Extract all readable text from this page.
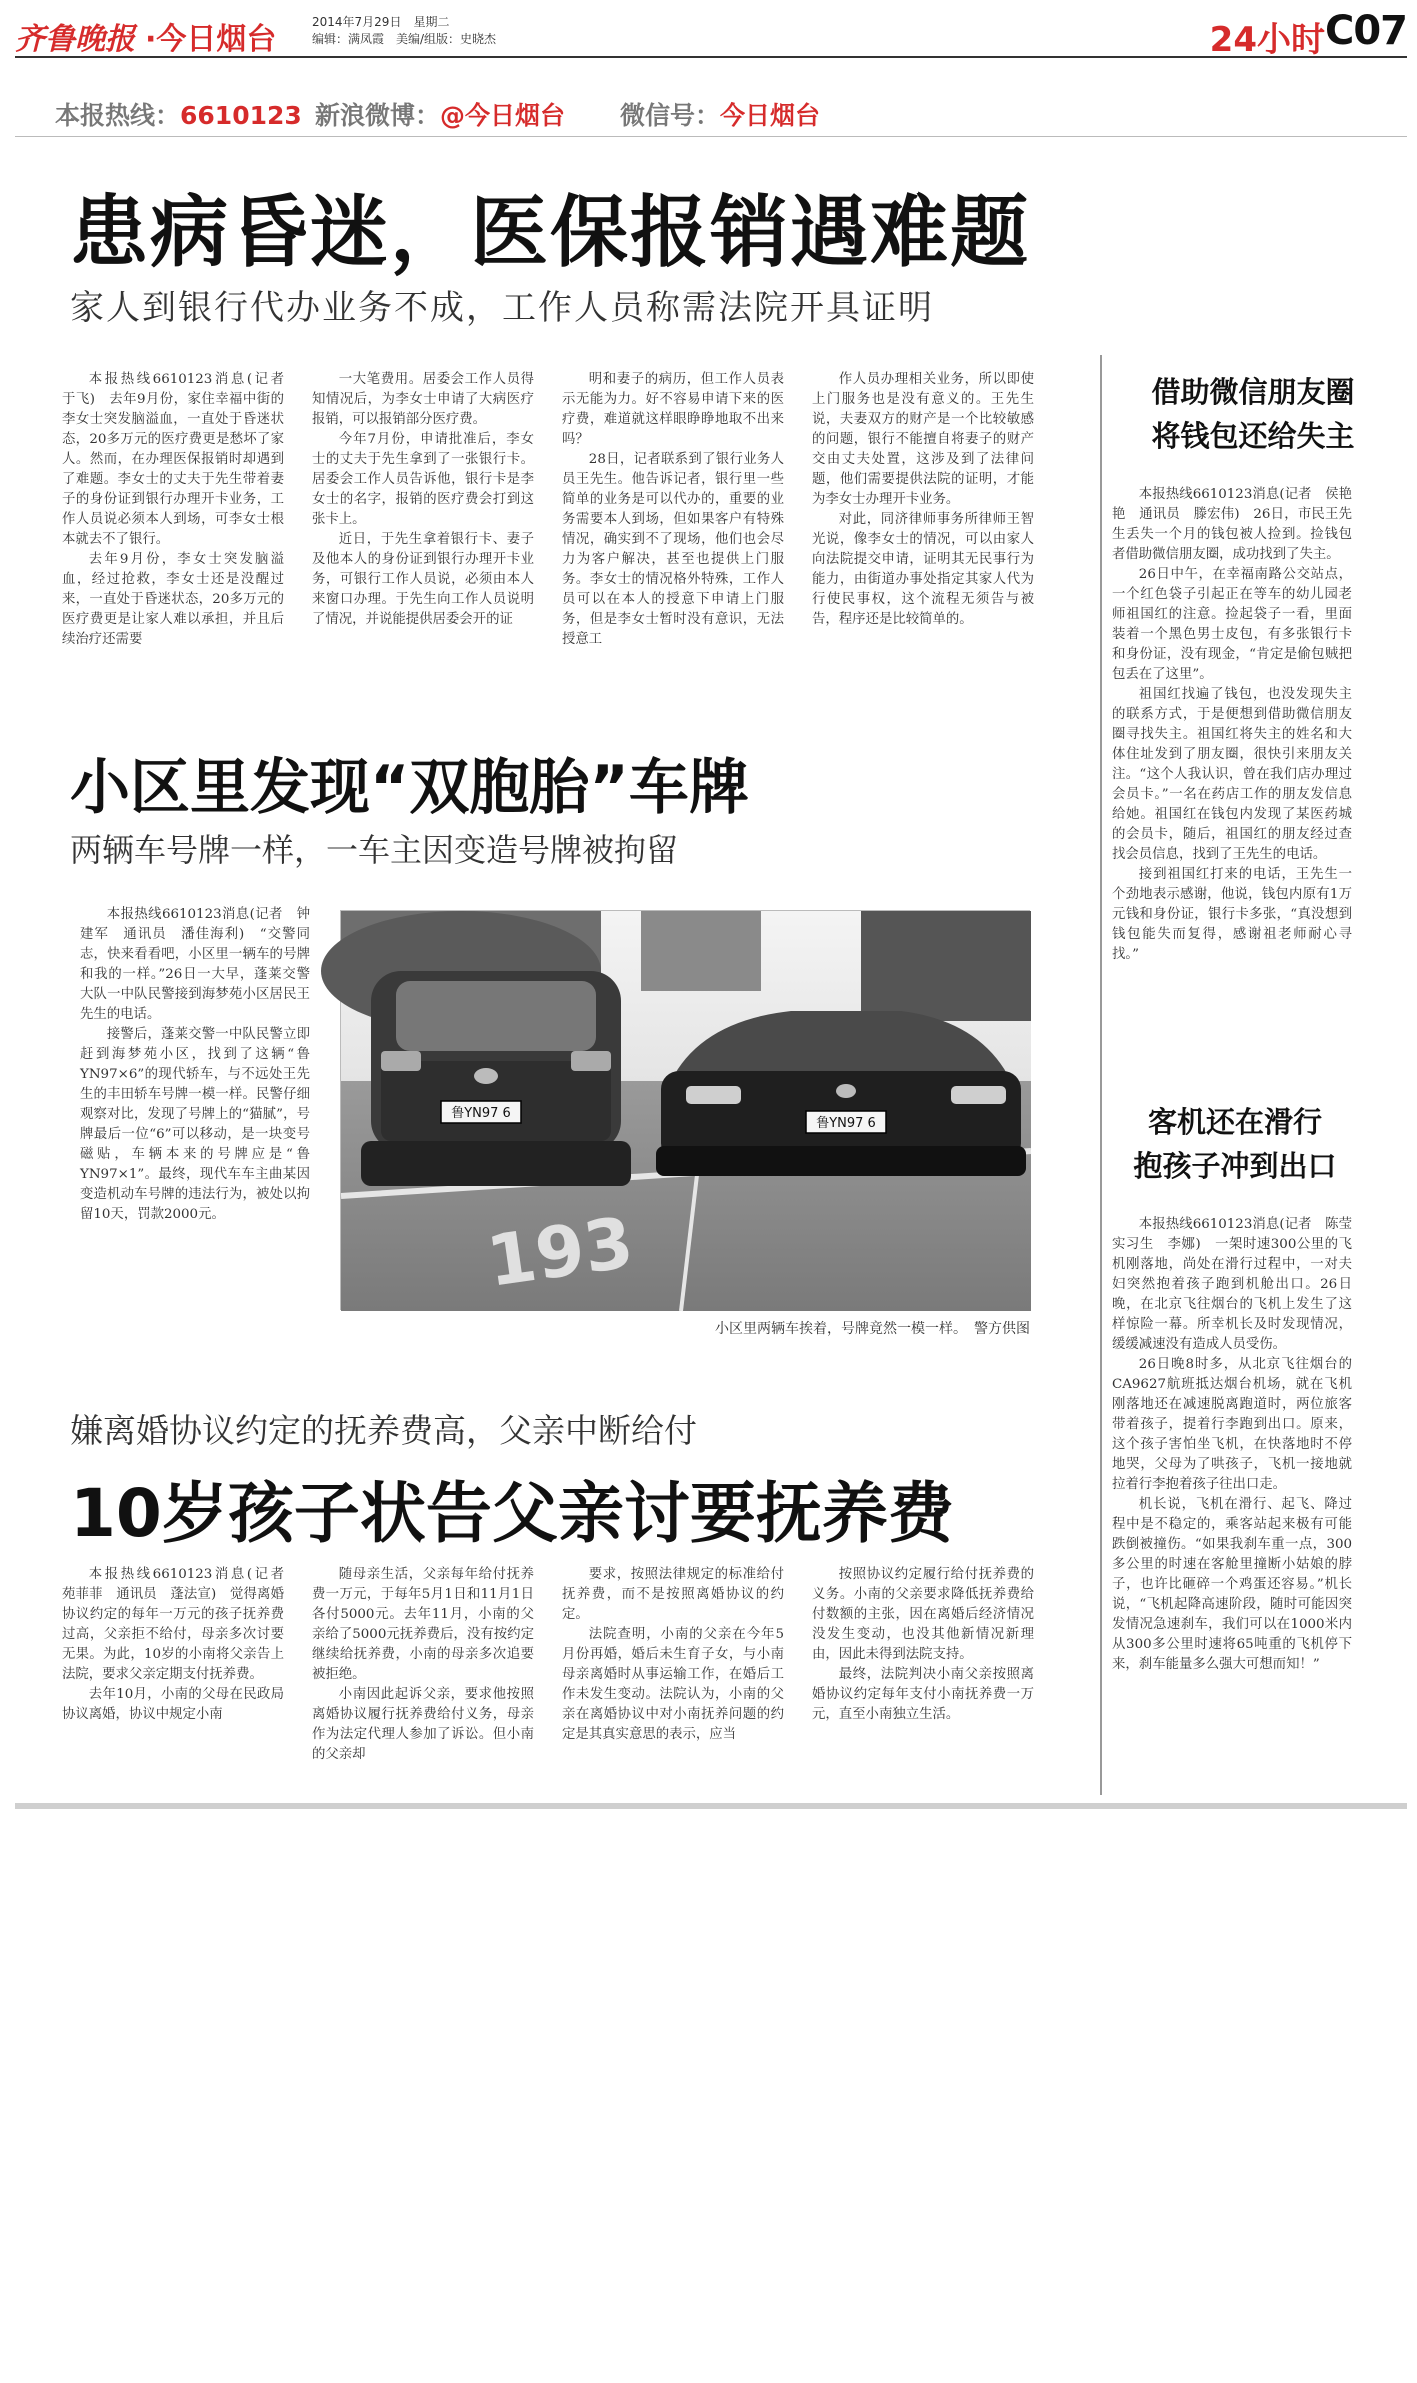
齐鲁晚报 ·今日烟台	2014年7月29日　星期二
编辑：满凤霞　美编/组版：史晓杰	24小时 C07
本报热线：6610123 新浪微博：@今日烟台 微信号：今日烟台
患病昏迷，医保报销遇难题
家人到银行代办业务不成，工作人员称需法院开具证明

本报热线6610123消息(记者　于飞)　去年9月份，家住幸福中街的李女士突发脑溢血，一直处于昏迷状态，20多万元的医疗费更是愁坏了家人。然而，在办理医保报销时却遇到了难题。李女士的丈夫于先生带着妻子的身份证到银行办理开卡业务，工作人员说必须本人到场，可李女士根本就去不了银行。

去年9月份，李女士突发脑溢血，经过抢救，李女士还是没醒过来，一直处于昏迷状态，20多万元的医疗费更是让家人难以承担，并且后续治疗还需要

一大笔费用。居委会工作人员得知情况后，为李女士申请了大病医疗报销，可以报销部分医疗费。

今年7月份，申请批准后，李女士的丈夫于先生拿到了一张银行卡。居委会工作人员告诉他，银行卡是李女士的名字，报销的医疗费会打到这张卡上。

近日，于先生拿着银行卡、妻子及他本人的身份证到银行办理开卡业务，可银行工作人员说，必须由本人来窗口办理。于先生向工作人员说明了情况，并说能提供居委会开的证

明和妻子的病历，但工作人员表示无能为力。好不容易申请下来的医疗费，难道就这样眼睁睁地取不出来吗？

28日，记者联系到了银行业务人员王先生。他告诉记者，银行里一些简单的业务是可以代办的，重要的业务需要本人到场，但如果客户有特殊情况，确实到不了现场，他们也会尽力为客户解决，甚至也提供上门服务。李女士的情况格外特殊，工作人员可以在本人的授意下申请上门服务，但是李女士暂时没有意识，无法授意工

作人员办理相关业务，所以即使上门服务也是没有意义的。王先生说，夫妻双方的财产是一个比较敏感的问题，银行不能擅自将妻子的财产交由丈夫处置，这涉及到了法律问题，他们需要提供法院的证明，才能为李女士办理开卡业务。

对此，同济律师事务所律师王智光说，像李女士的情况，可以由家人向法院提交申请，证明其无民事行为能力，由街道办事处指定其家人代为行使民事权，这个流程无须告与被告，程序还是比较简单的。

小区里发现“双胞胎”车牌
两辆车号牌一样，一车主因变造号牌被拘留

本报热线6610123消息(记者　钟建军　通讯员　潘佳海利)　“交警同志，快来看看吧，小区里一辆车的号牌和我的一样。”26日一大早，蓬莱交警大队一中队民警接到海梦苑小区居民王先生的电话。

接警后，蓬莱交警一中队民警立即赶到海梦苑小区，找到了这辆“鲁YN97×6”的现代轿车，与不远处王先生的丰田轿车号牌一模一样。民警仔细观察对比，发现了号牌上的“猫腻”，号牌最后一位“6”可以移动，是一块变号磁贴，车辆本来的号牌应是“鲁YN97×1”。最终，现代车车主曲某因变造机动车号牌的违法行为，被处以拘留10天，罚款2000元。	193
鲁YN97 6
鲁YN97 6
小区里两辆车挨着，号牌竟然一模一样。　警方供图
嫌离婚协议约定的抚养费高，父亲中断给付
10岁孩子状告父亲讨要抚养费

本报热线6610123消息(记者　苑菲菲　通讯员　蓬法宣)　觉得离婚协议约定的每年一万元的孩子抚养费过高，父亲拒不给付，母亲多次讨要无果。为此，10岁的小南将父亲告上法院，要求父亲定期支付抚养费。

去年10月，小南的父母在民政局协议离婚，协议中规定小南

随母亲生活，父亲每年给付抚养费一万元，于每年5月1日和11月1日各付5000元。去年11月，小南的父亲给了5000元抚养费后，没有按约定继续给抚养费，小南的母亲多次追要被拒绝。

小南因此起诉父亲，要求他按照离婚协议履行抚养费给付义务，母亲作为法定代理人参加了诉讼。但小南的父亲却

要求，按照法律规定的标准给付抚养费，而不是按照离婚协议的约定。

法院查明，小南的父亲在今年5月份再婚，婚后未生育子女，与小南母亲离婚时从事运输工作，在婚后工作未发生变动。法院认为，小南的父亲在离婚协议中对小南抚养问题的约定是其真实意思的表示，应当

按照协议约定履行给付抚养费的义务。小南的父亲要求降低抚养费给付数额的主张，因在离婚后经济情况没发生变动，也没其他新情况新理由，因此未得到法院支持。

最终，法院判决小南父亲按照离婚协议约定每年支付小南抚养费一万元，直至小南独立生活。

借助微信朋友圈
将钱包还给失主

本报热线6610123消息(记者　侯艳艳　通讯员　滕宏伟)　26日，市民王先生丢失一个月的钱包被人捡到。捡钱包者借助微信朋友圈，成功找到了失主。

26日中午，在幸福南路公交站点，一个红色袋子引起正在等车的幼儿园老师祖国红的注意。捡起袋子一看，里面装着一个黑色男士皮包，有多张银行卡和身份证，没有现金，“肯定是偷包贼把包丢在了这里”。

祖国红找遍了钱包，也没发现失主的联系方式，于是便想到借助微信朋友圈寻找失主。祖国红将失主的姓名和大体住址发到了朋友圈，很快引来朋友关注。“这个人我认识，曾在我们店办理过会员卡。”一名在药店工作的朋友发信息给她。祖国红在钱包内发现了某医药城的会员卡，随后，祖国红的朋友经过查找会员信息，找到了王先生的电话。

接到祖国红打来的电话，王先生一个劲地表示感谢，他说，钱包内原有1万元钱和身份证，银行卡多张，“真没想到钱包能失而复得，感谢祖老师耐心寻找。”

客机还在滑行
抱孩子冲到出口

本报热线6610123消息(记者　陈莹　实习生　李娜)　一架时速300公里的飞机刚落地，尚处在滑行过程中，一对夫妇突然抱着孩子跑到机舱出口。26日晚，在北京飞往烟台的飞机上发生了这样惊险一幕。所幸机长及时发现情况，缓缓减速没有造成人员受伤。

26日晚8时多，从北京飞往烟台的CA9627航班抵达烟台机场，就在飞机刚落地还在减速脱离跑道时，两位旅客带着孩子，提着行李跑到出口。原来，这个孩子害怕坐飞机，在快落地时不停地哭，父母为了哄孩子，飞机一接地就拉着行李抱着孩子往出口走。

机长说，飞机在滑行、起飞、降过程中是不稳定的，乘客站起来极有可能跌倒被撞伤。“如果我刹车重一点，300多公里的时速在客舱里撞断小姑娘的脖子，也许比砸碎一个鸡蛋还容易。”机长说，“飞机起降高速阶段，随时可能因突发情况急速刹车，我们可以在1000米内从300多公里时速将65吨重的飞机停下来，刹车能量多么强大可想而知！”
